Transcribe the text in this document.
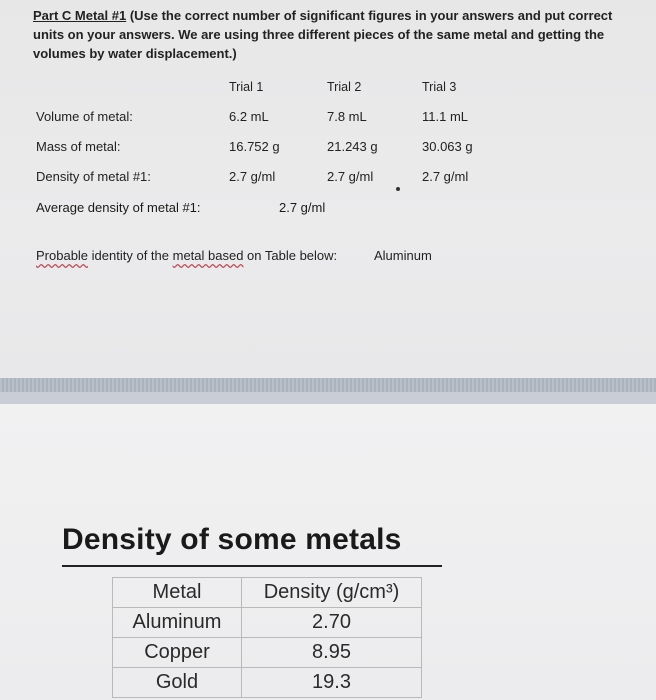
Part C Metal #1 (Use the correct number of significant figures in your answers and put correct units on your answers. We are using three different pieces of the same metal and getting the volumes by water displacement.)
Trial 1	Trial 2	Trial 3
Volume of metal:	6.2 mL	7.8 mL	11.1 mL
Mass of metal:	16.752 g	21.243 g	30.063 g
Density of metal #1:	2.7 g/ml	2.7 g/ml	2.7 g/ml
Average density of metal #1:	2.7 g/ml
Probable identity of the metal based on Table below:	Aluminum
Density of some metals
Metal	Density (g/cm³)
Aluminum	2.70
Copper	8.95
Gold	19.3
